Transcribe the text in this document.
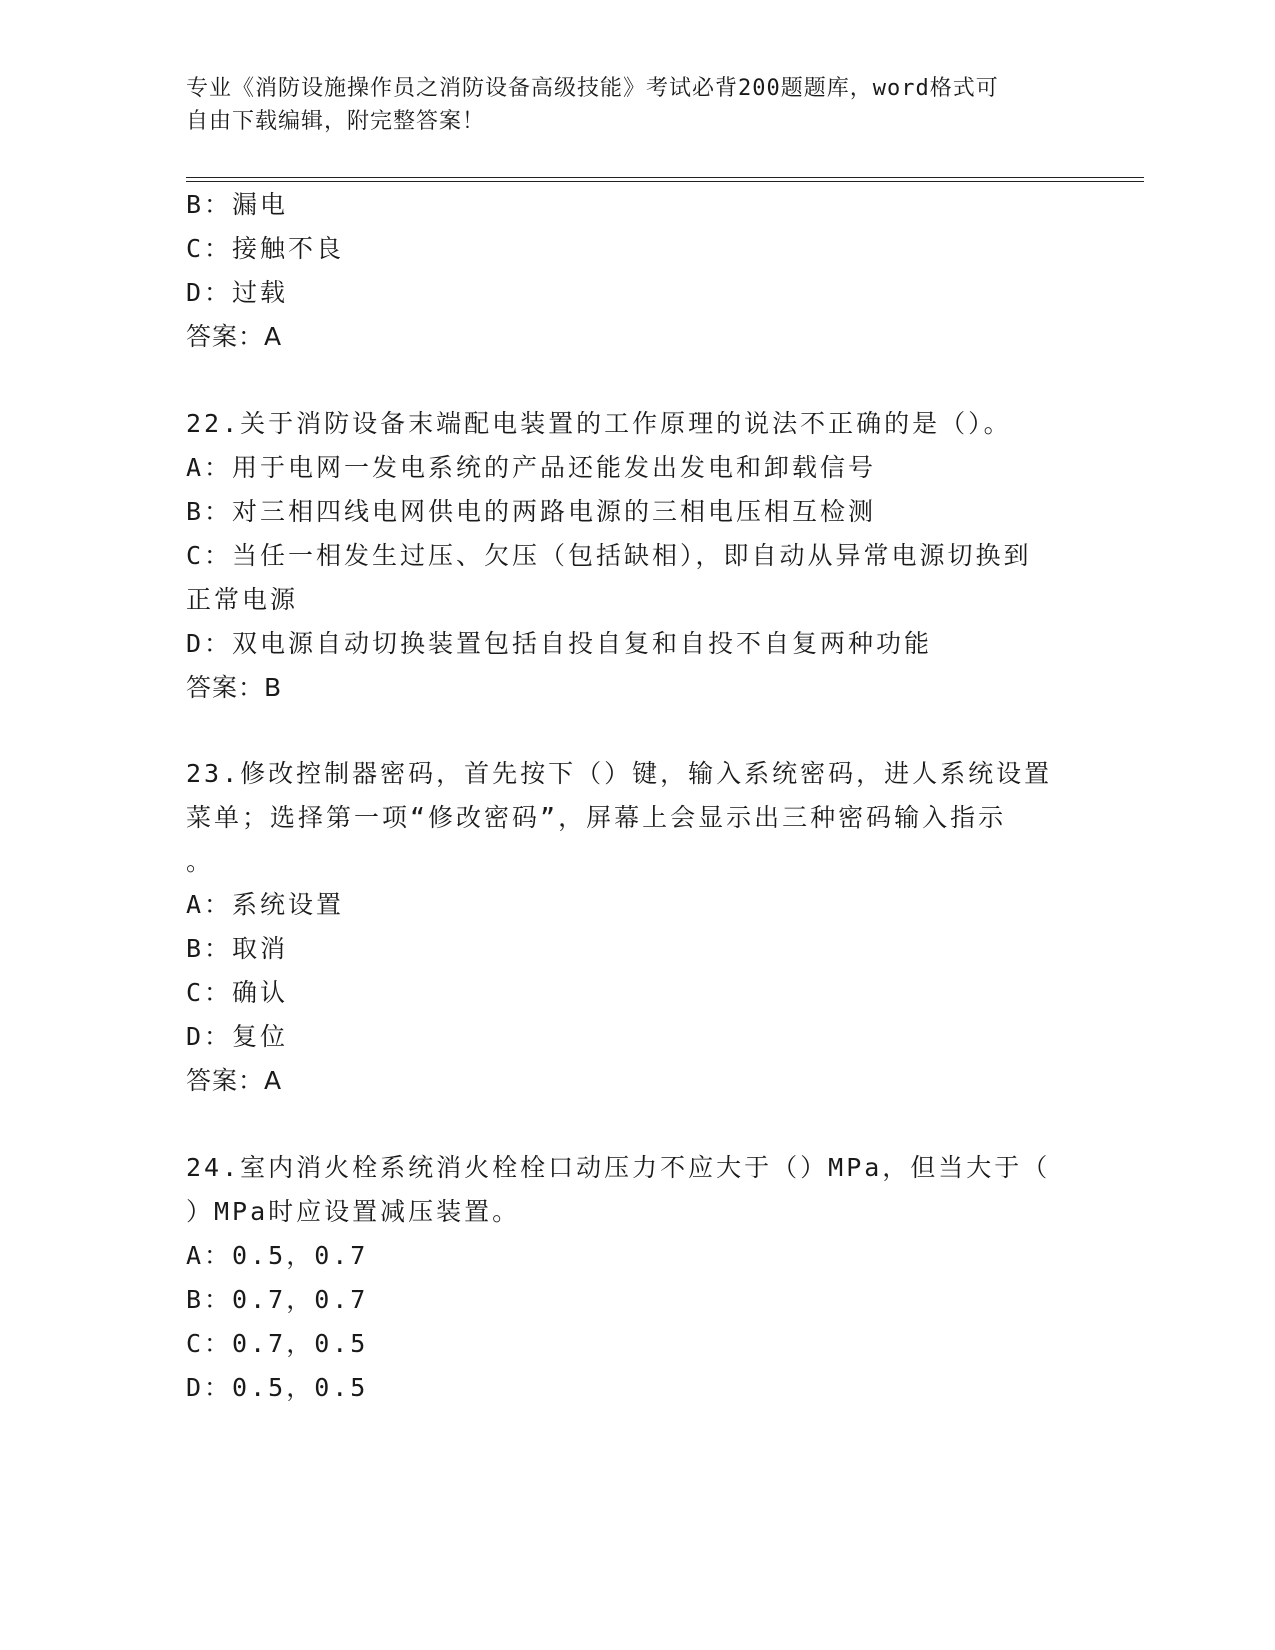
专业《消防设施操作员之消防设备高级技能》考试必背200题题库，word格式可
自由下载编辑，附完整答案！
B：漏电
C：接触不良
D：过载
答案：A
22.关于消防设备末端配电装置的工作原理的说法不正确的是（）。
A：用于电网一发电系统的产品还能发出发电和卸载信号
B：对三相四线电网供电的两路电源的三相电压相互检测
C：当任一相发生过压、欠压（包括缺相），即自动从异常电源切换到
正常电源
D：双电源自动切换装置包括自投自复和自投不自复两种功能
答案：B
23.修改控制器密码，首先按下（）键，输入系统密码，进人系统设置
菜单；选择第一项“修改密码”，屏幕上会显示出三种密码输入指示
。
A：系统设置
B：取消
C：确认
D：复位
答案：A
24.室内消火栓系统消火栓栓口动压力不应大于（）MPa，但当大于（
）MPa时应设置减压装置。
A：0.5，0.7
B：0.7，0.7
C：0.7，0.5
D：0.5，0.5
